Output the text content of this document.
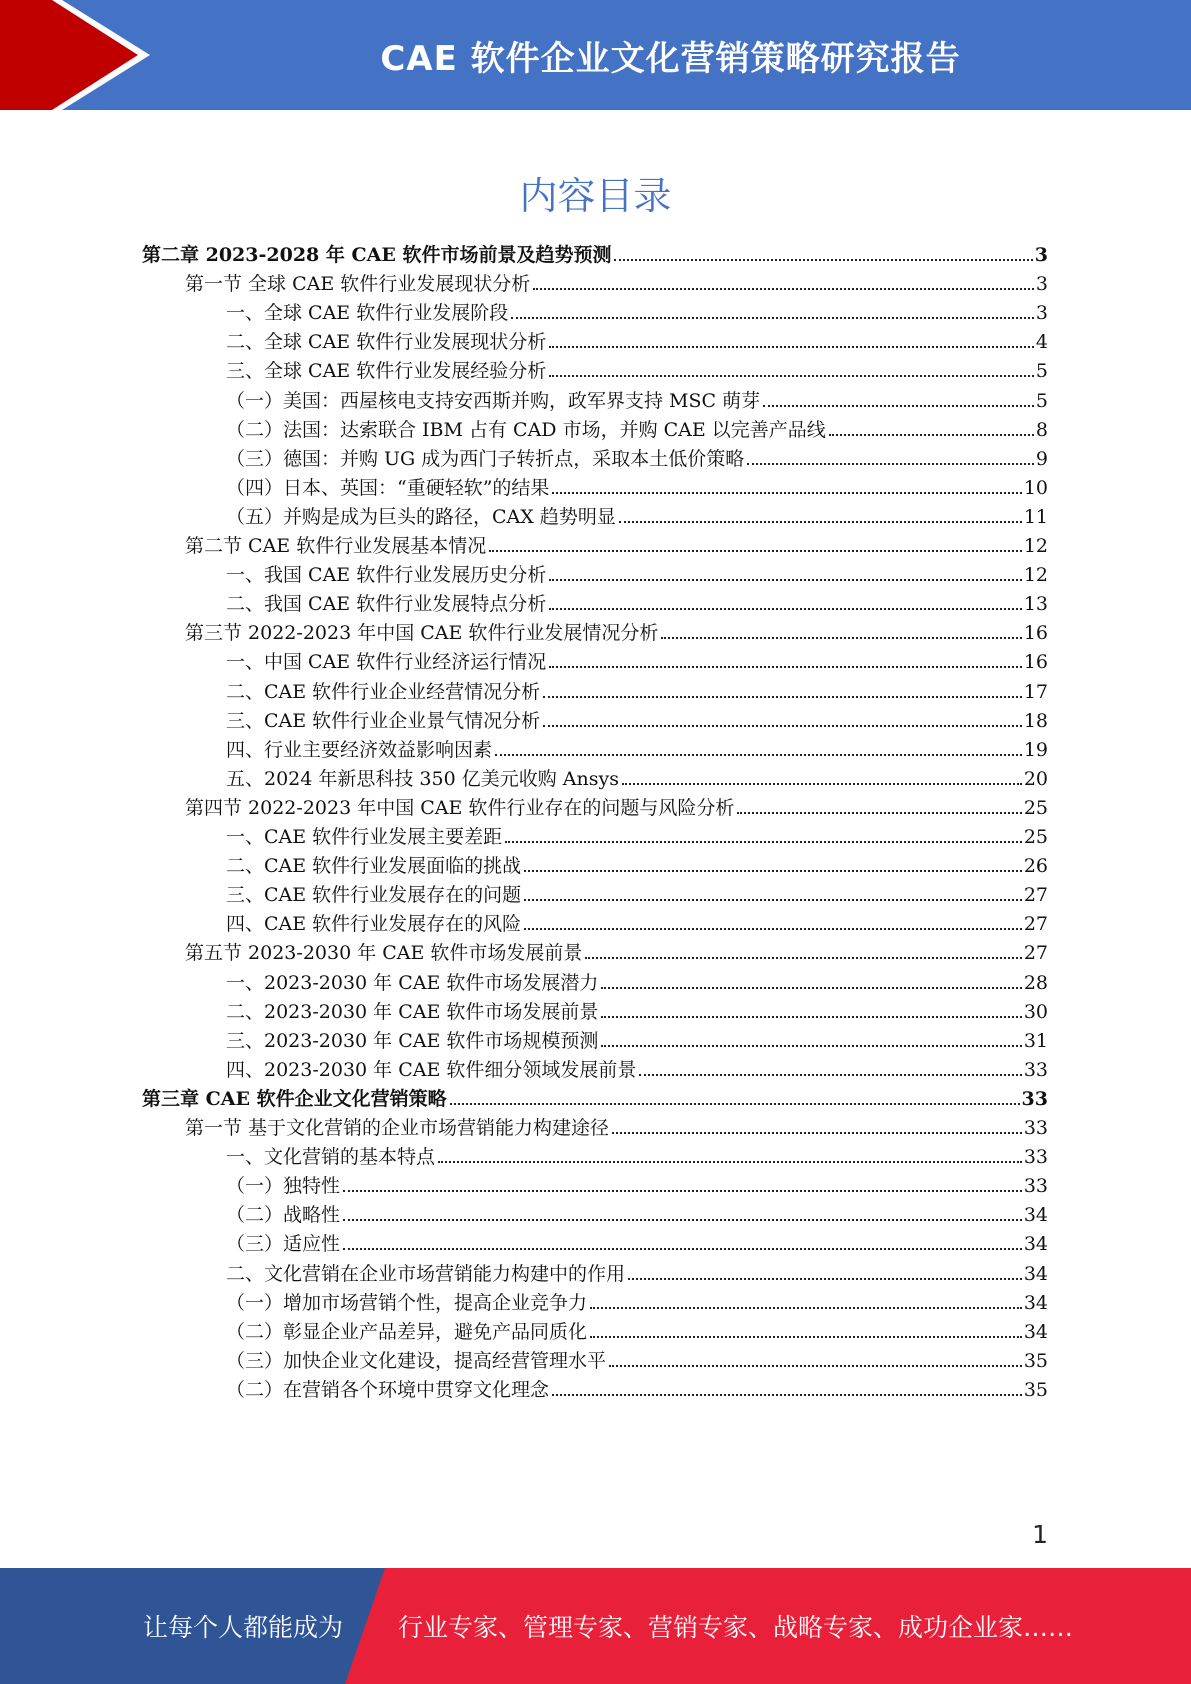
CAE 软件企业文化营销策略研究报告
内容目录
第二章 2023-2028 年 CAE 软件市场前景及趋势预测	3
第一节 全球 CAE 软件行业发展现状分析	3
一、全球 CAE 软件行业发展阶段	3
二、全球 CAE 软件行业发展现状分析	4
三、全球 CAE 软件行业发展经验分析	5
（一）美国：西屋核电支持安西斯并购，政军界支持 MSC 萌芽	5
（二）法国：达索联合 IBM 占有 CAD 市场，并购 CAE 以完善产品线	8
（三）德国：并购 UG 成为西门子转折点，采取本土低价策略	9
（四）日本、英国：“重硬轻软”的结果	10
（五）并购是成为巨头的路径，CAX 趋势明显	11
第二节 CAE 软件行业发展基本情况	12
一、我国 CAE 软件行业发展历史分析	12
二、我国 CAE 软件行业发展特点分析	13
第三节 2022-2023 年中国 CAE 软件行业发展情况分析	16
一、中国 CAE 软件行业经济运行情况	16
二、CAE 软件行业企业经营情况分析	17
三、CAE 软件行业企业景气情况分析	18
四、行业主要经济效益影响因素	19
五、2024 年新思科技 350 亿美元收购 Ansys	20
第四节 2022-2023 年中国 CAE 软件行业存在的问题与风险分析	25
一、CAE 软件行业发展主要差距	25
二、CAE 软件行业发展面临的挑战	26
三、CAE 软件行业发展存在的问题	27
四、CAE 软件行业发展存在的风险	27
第五节 2023-2030 年 CAE 软件市场发展前景	27
一、2023-2030 年 CAE 软件市场发展潜力	28
二、2023-2030 年 CAE 软件市场发展前景	30
三、2023-2030 年 CAE 软件市场规模预测	31
四、2023-2030 年 CAE 软件细分领域发展前景	33
第三章 CAE 软件企业文化营销策略	33
第一节 基于文化营销的企业市场营销能力构建途径	33
一、文化营销的基本特点	33
（一）独特性	33
（二）战略性	34
（三）适应性	34
二、文化营销在企业市场营销能力构建中的作用	34
（一）增加市场营销个性，提高企业竞争力	34
（二）彰显企业产品差异，避免产品同质化	34
（三）加快企业文化建设，提高经营管理水平	35
（二）在营销各个环境中贯穿文化理念	35
1
让每个人都能成为 行业专家、管理专家、营销专家、战略专家、成功企业家……
